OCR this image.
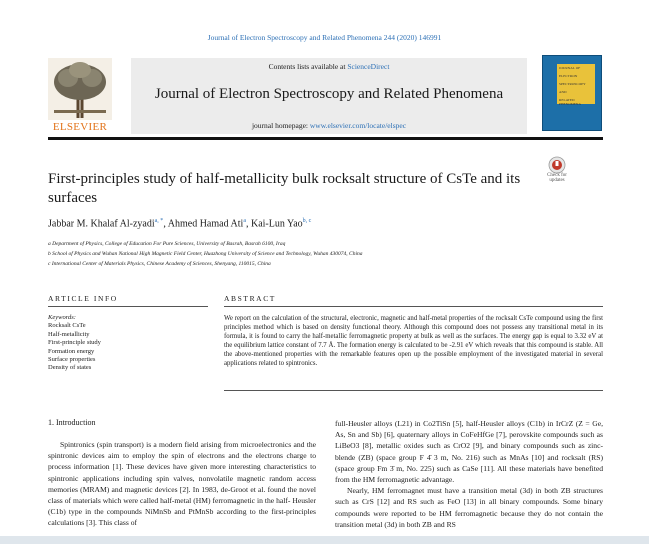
Journal of Electron Spectroscopy and Related Phenomena 244 (2020) 146991
ELSEVIER
Contents lists available at ScienceDirect
Journal of Electron Spectroscopy and Related Phenomena
journal homepage: www.elsevier.com/locate/elspec
JOURNAL OF
ELECTRON
SPECTROSCOPY
AND
RELATED PHENOMENA
Check for
updates
First-principles study of half-metallicity bulk rocksalt structure of CsTe and its surfaces
Jabbar M. Khalaf Al-zyadi$^{a, *}$, Ahmed Hamad Ati$^a$, Kai-Lun Yao$^{b, c}$
a Department of Physics, College of Education For Pure Sciences, University of Basrah, Basrah 6100, Iraq
b School of Physics and Wuhan National High Magnetic Field Center, Huazhong University of Science and Technology, Wuhan 430074, China
c International Center of Materials Physics, Chinese Academy of Sciences, Shenyang, 110015, China
ARTICLE INFO	ABSTRACT
Keywords:
Rocksalt CsTe
Half-metallicity
First-principle study
Formation energy
Surface properties
Density of states
We report on the calculation of the structural, electronic, magnetic and half-metal properties of the rocksalt CsTe compound using the first principles method which is based on density functional theory. Although this compound does not possess any transitional metal in its formula, it is found to carry the half-metallic ferromagnetic property at bulk as well as the surfaces. The energy gap is equal to 3.32 eV at the equilibrium lattice constant of 7.7 Å. The formation energy is calculated to be -2.91 eV which reveals that this compound is stable. All the above-mentioned properties with the remarkable features open up the possible employment of the investigated material in several applications related to spintronics.
1. Introduction
Spintronics (spin transport) is a modern field arising from microelectronics and the spintronic devices aim to employ the spin of electrons and the electrons charge to process information [1]. These devices have given more interesting characteristics to spintronic applications including spin valves, nonvolatile magnetic random access memories (MRAM) and magnetic devices [2]. In 1983, de-Groot et al. found the novel class of materials which were called half-metal (HM) ferromagnetic in the half- Heusler (C1b) type in the compounds NiMnSb and PtMnSb according to the first-principles calculations [3]. This class of
full-Heusler alloys (L21) in Co2TiSn [5], half-Heusler alloys (C1b) in IrCrZ (Z = Ge, As, Sn and Sb) [6], quaternary alloys in CoFeHfGe [7], perovskite compounds such as LiBeO3 [8], metallic oxides such as CrO2 [9], and binary compounds such as zinc-blende (ZB) (space group F 4̄ 3 m, No. 216) such as MnAs [10] and rocksalt (RS) (space group Fm 3̄ m, No. 225) such as CaSe [11]. All these materials have benefited from the HM ferromagnetic advantage.
Nearly, HM ferromagnet must have a transition metal (3d) in both ZB structures such as CrS [12] and RS such as FeO [13] in all binary compounds. Some binary compounds were reported to be HM ferromagnetic because they do not contain the transition metal (3d) in both ZB and RS
